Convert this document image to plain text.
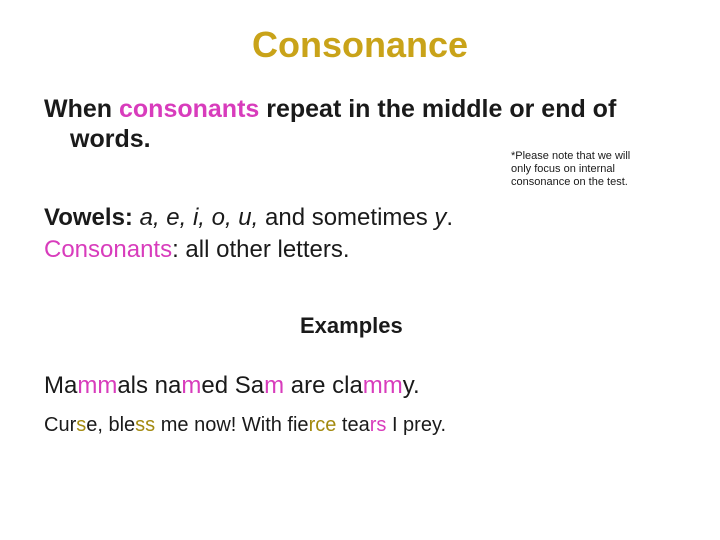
Consonance
When consonants repeat in the middle or end of
words.
*Please note that we will only focus on internal consonance on the test.
Vowels: a, e, i, o, u, and sometimes y.
Consonants: all other letters.
Examples
Mammals named Sam are clammy.
Curse, bless me now! With fierce tears I prey.
